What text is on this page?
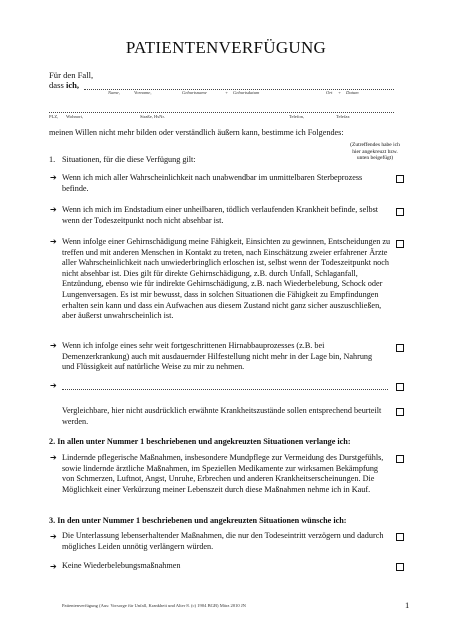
PATIENTENVERFÜGUNG
Für den Fall,
dass ich,
Name,	Vorname,	Geburtsname	+ Geburtsdatum	Ort + Datum
PLZ, Wohnort,	Straße, HsNr.	Telefon,	Telefax
meinen Willen nicht mehr bilden oder verständlich äußern kann, bestimme ich Folgendes:
(Zutreffendes habe ich hier angekreuzt bzw. unten beigefügt)
1. Situationen, für die diese Verfügung gilt:
➔ Wenn ich mich aller Wahrscheinlichkeit nach unabwendbar im unmittelbaren Sterbeprozess befinde.
➔ Wenn ich mich im Endstadium einer unheilbaren, tödlich verlaufenden Krankheit befinde, selbst wenn der Todeszeitpunkt noch nicht absehbar ist.
➔ Wenn infolge einer Gehirnschädigung meine Fähigkeit, Einsichten zu gewinnen, Entscheidungen zu treffen und mit anderen Menschen in Kontakt zu treten, nach Einschätzung zweier erfahrener Ärzte aller Wahrscheinlichkeit nach unwiederbringlich erloschen ist, selbst wenn der Todeszeitpunkt noch nicht absehbar ist. Dies gilt für direkte Gehirnschädigung, z.B. durch Unfall, Schlaganfall, Entzündung, ebenso wie für indirekte Gehirnschädigung, z.B. nach Wiederbelebung, Schock oder Lungenversagen. Es ist mir bewusst, dass in solchen Situationen die Fähigkeit zu Empfindungen erhalten sein kann und dass ein Aufwachen aus diesem Zustand nicht ganz sicher auszuschließen, aber äußerst unwahrscheinlich ist.
➔ Wenn ich infolge eines sehr weit fortgeschrittenen Hirnabbauprozesses (z.B. bei Demenzerkrankung) auch mit ausdauernder Hilfestellung nicht mehr in der Lage bin, Nahrung und Flüssigkeit auf natürliche Weise zu mir zu nehmen.
➔
Vergleichbare, hier nicht ausdrücklich erwähnte Krankheitszustände sollen entsprechend beurteilt werden.
2. In allen unter Nummer 1 beschriebenen und angekreuzten Situationen verlange ich:
➔ Lindernde pflegerische Maßnahmen, insbesondere Mundpflege zur Vermeidung des Durstgefühls, sowie lindernde ärztliche Maßnahmen, im Speziellen Medikamente zur wirksamen Bekämpfung von Schmerzen, Luftnot, Angst, Unruhe, Erbrechen und anderen Krankheitserscheinungen. Die Möglichkeit einer Verkürzung meiner Lebenszeit durch diese Maßnahmen nehme ich in Kauf.
3. In den unter Nummer 1 beschriebenen und angekreuzten Situationen wünsche ich:
➔ Die Unterlassung lebenserhaltender Maßnahmen, die nur den Todeseintritt verzögern und dadurch mögliches Leiden unnötig verlängern würden.
➔ Keine Wiederbelebungsmaßnahmen
Patientenverfügung (Aus: Vorsorge für Unfall, Krankheit und Alter 8. (c) 1904 BGB) März 2010 JN	1
